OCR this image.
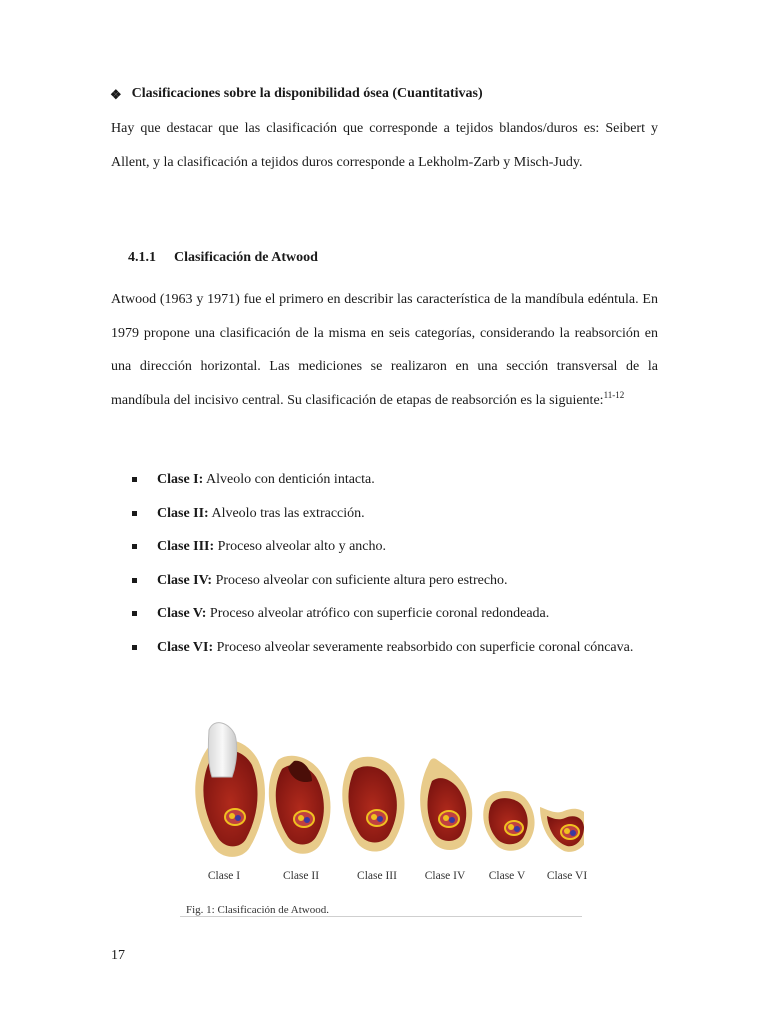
❖ Clasificaciones sobre la disponibilidad ósea (Cuantitativas)

Hay que destacar que las clasificación que corresponde a tejidos blandos/duros es: Seibert y Allent, y la clasificación a tejidos duros corresponde a Lekholm-Zarb y Misch-Judy.

4.1.1 Clasificación de Atwood

Atwood (1963 y 1971) fue el primero en describir las característica de la mandíbula edéntula. En 1979 propone una clasificación de la misma en seis categorías, considerando la reabsorción en una dirección horizontal. Las mediciones se realizaron en una sección transversal de la mandíbula del incisivo central. Su clasificación de etapas de reabsorción es la siguiente:$^{11-12}$

Clase I: Alveolo con dentición intacta.
Clase II: Alveolo tras las extracción.
Clase III: Proceso alveolar alto y ancho.
Clase IV: Proceso alveolar con suficiente altura pero estrecho.
Clase V: Proceso alveolar atrófico con superficie coronal redondeada.
Clase VI: Proceso alveolar severamente reabsorbido con superficie coronal cóncava.
Clase I	Clase II	Clase III Clase IV Clase V Clase VI
Fig. 1: Clasificación de Atwood.
17
